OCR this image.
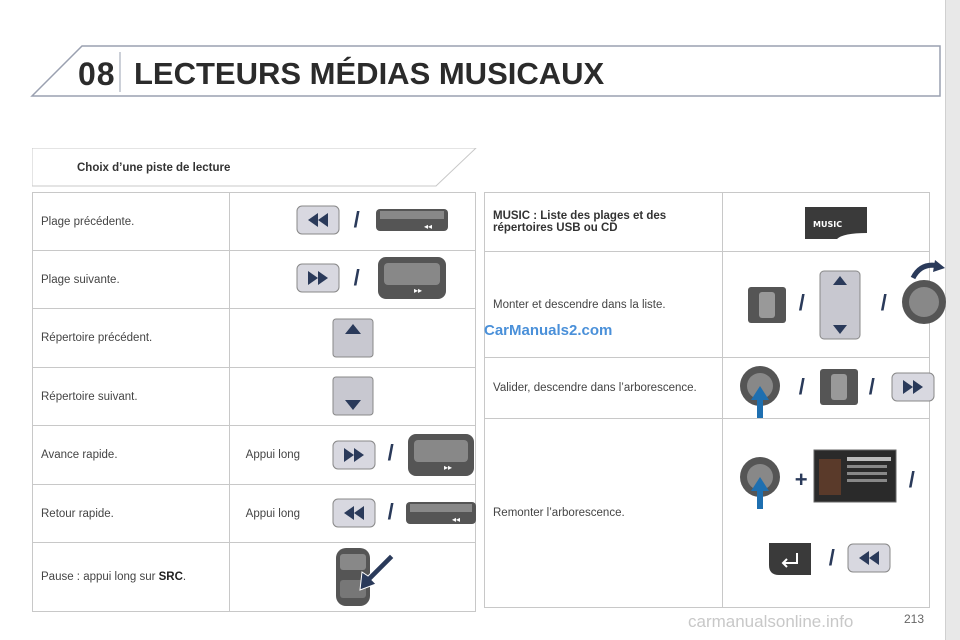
08 LECTEURS MÉDIAS MUSICAUX
Choix d’une piste de lecture
Plage précédente.	/ ◂◂

Plage suivante.	/
▸▸

Répertoire précédent.	

Répertoire suivant.	

Avance rapide.	Appui long /
▸▸

Retour rapide.	Appui long / ◂◂

Pause : appui long sur SRC.	
MUSIC : Liste des plages et des répertoires USB ou CD	MUSIC

Monter et descendre dans la liste.	/ /

Valider, descendre dans l’arborescence.	/ /

Remonter l’arborescence.	+ /
/
CarManuals2.com
carmanualsonline.info	213
